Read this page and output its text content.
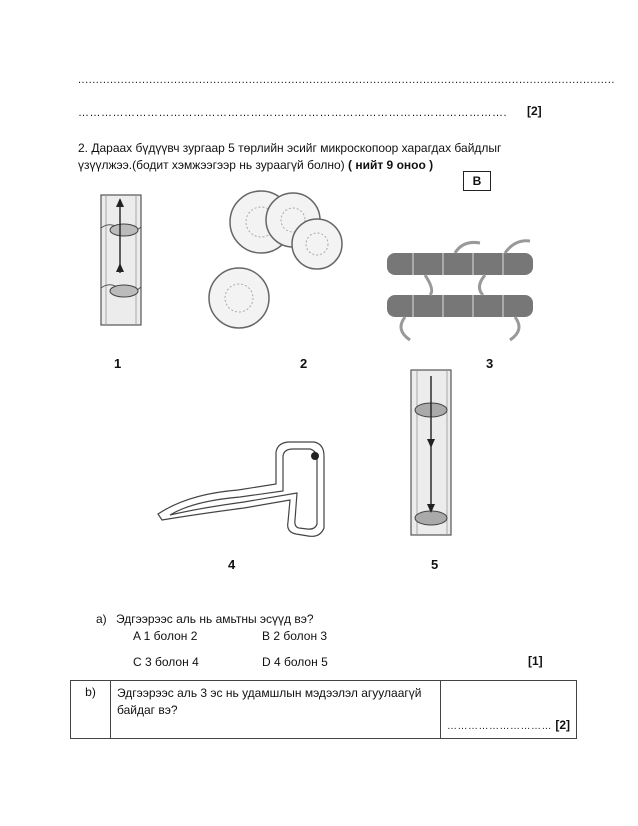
.......................................................................................................................................................
………………………………………………………………………………………………….	[2]
2. Дараах бүдүүвч зургаар 5 төрлийн эсийг микроскопоор харагдах байдлыг
үзүүлжээ.(бодит хэмжээгээр нь зураагүй болно) ( нийт 9 оноо )
B
1	2	3
4	5
a) Эдгээрээс аль нь амьтны эсүүд вэ?
A 1 болон 2	B 2 болон 3
C 3 болон 4	D 4 болон 5	[1]
b)	Эдгээрээс аль 3 эс нь удамшлын мэдээлэл агуулаагүй
байдаг вэ?
	………………………… [2]
